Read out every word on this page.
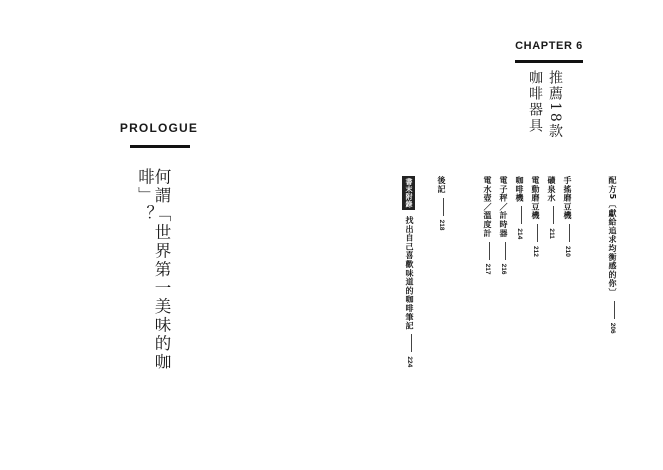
PROLOGUE
何謂「世界第一美味的咖啡」？
CHAPTER 6
推薦18款咖啡器具
配方5〔獻給追求均衡感的你〕206
手搖磨豆機210
礦泉水211
電動磨豆機212
咖啡機214
電子秤／計時器216
電水壺／溫度計217
後記218
書末附錄找出自己喜歡味道的咖啡筆記224
